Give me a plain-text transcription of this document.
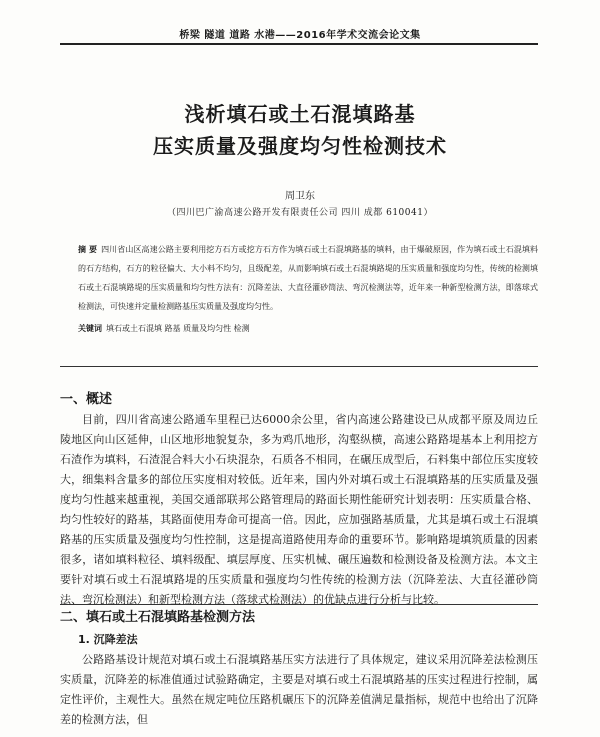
桥梁 隧道 道路 水港——2016年学术交流会论文集
浅析填石或土石混填路基
压实质量及强度均匀性检测技术
周卫东
（四川巴广渝高速公路开发有限责任公司 四川 成都 610041）
摘 要 四川省山区高速公路主要利用挖方石方或挖方石方作为填石或土石混填路基的填料，由于爆破原因，作为填石或土石混填料的石方结构，石方的粒径偏大、大小料不均匀，且级配差，从而影响填石或土石混填路堤的压实质量和强度均匀性，传统的检测填石或土石混填路堤的压实质量和均匀性方法有：沉降差法、大直径灌砂筒法、弯沉检测法等，近年来一种新型检测方法，即落球式检测法，可快速并定量检测路基压实质量及强度均匀性。
关键词 填石或土石混填 路基 质量及均匀性 检测
一、概述

目前，四川省高速公路通车里程已达6000余公里，省内高速公路建设已从成都平原及周边丘陵地区向山区延伸，山区地形地貌复杂，多为鸡爪地形，沟壑纵横，高速公路路堤基本上利用挖方石渣作为填料，石渣混合料大小石块混杂，石质各不相同，在碾压成型后，石料集中部位压实度较大，细集料含量多的部位压实度相对较低。近年来，国内外对填石或土石混填路基的压实质量及强度均匀性越来越重视，美国交通部联邦公路管理局的路面长期性能研究计划表明：压实质量合格、均匀性较好的路基，其路面使用寿命可提高一倍。因此，应加强路基质量，尤其是填石或土石混填路基的压实质量及强度均匀性控制，这是提高道路使用寿命的重要环节。影响路堤填筑质量的因素很多，诸如填料粒径、填料级配、填层厚度、压实机械、碾压遍数和检测设备及检测方法。本文主要针对填石或土石混填路堤的压实质量和强度均匀性传统的检测方法（沉降差法、大直径灌砂筒法、弯沉检测法）和新型检测方法（落球式检测法）的优缺点进行分析与比较。

二、填石或土石混填路基检测方法
1. 沉降差法

公路路基设计规范对填石或土石混填路基压实方法进行了具体规定，建议采用沉降差法检测压实质量，沉降差的标准值通过试验路确定，主要是对填石或土石混填路基的压实过程进行控制，属定性评价，主观性大。虽然在规定吨位压路机碾压下的沉降差值满足量指标，规范中也给出了沉降差的检测方法，但
